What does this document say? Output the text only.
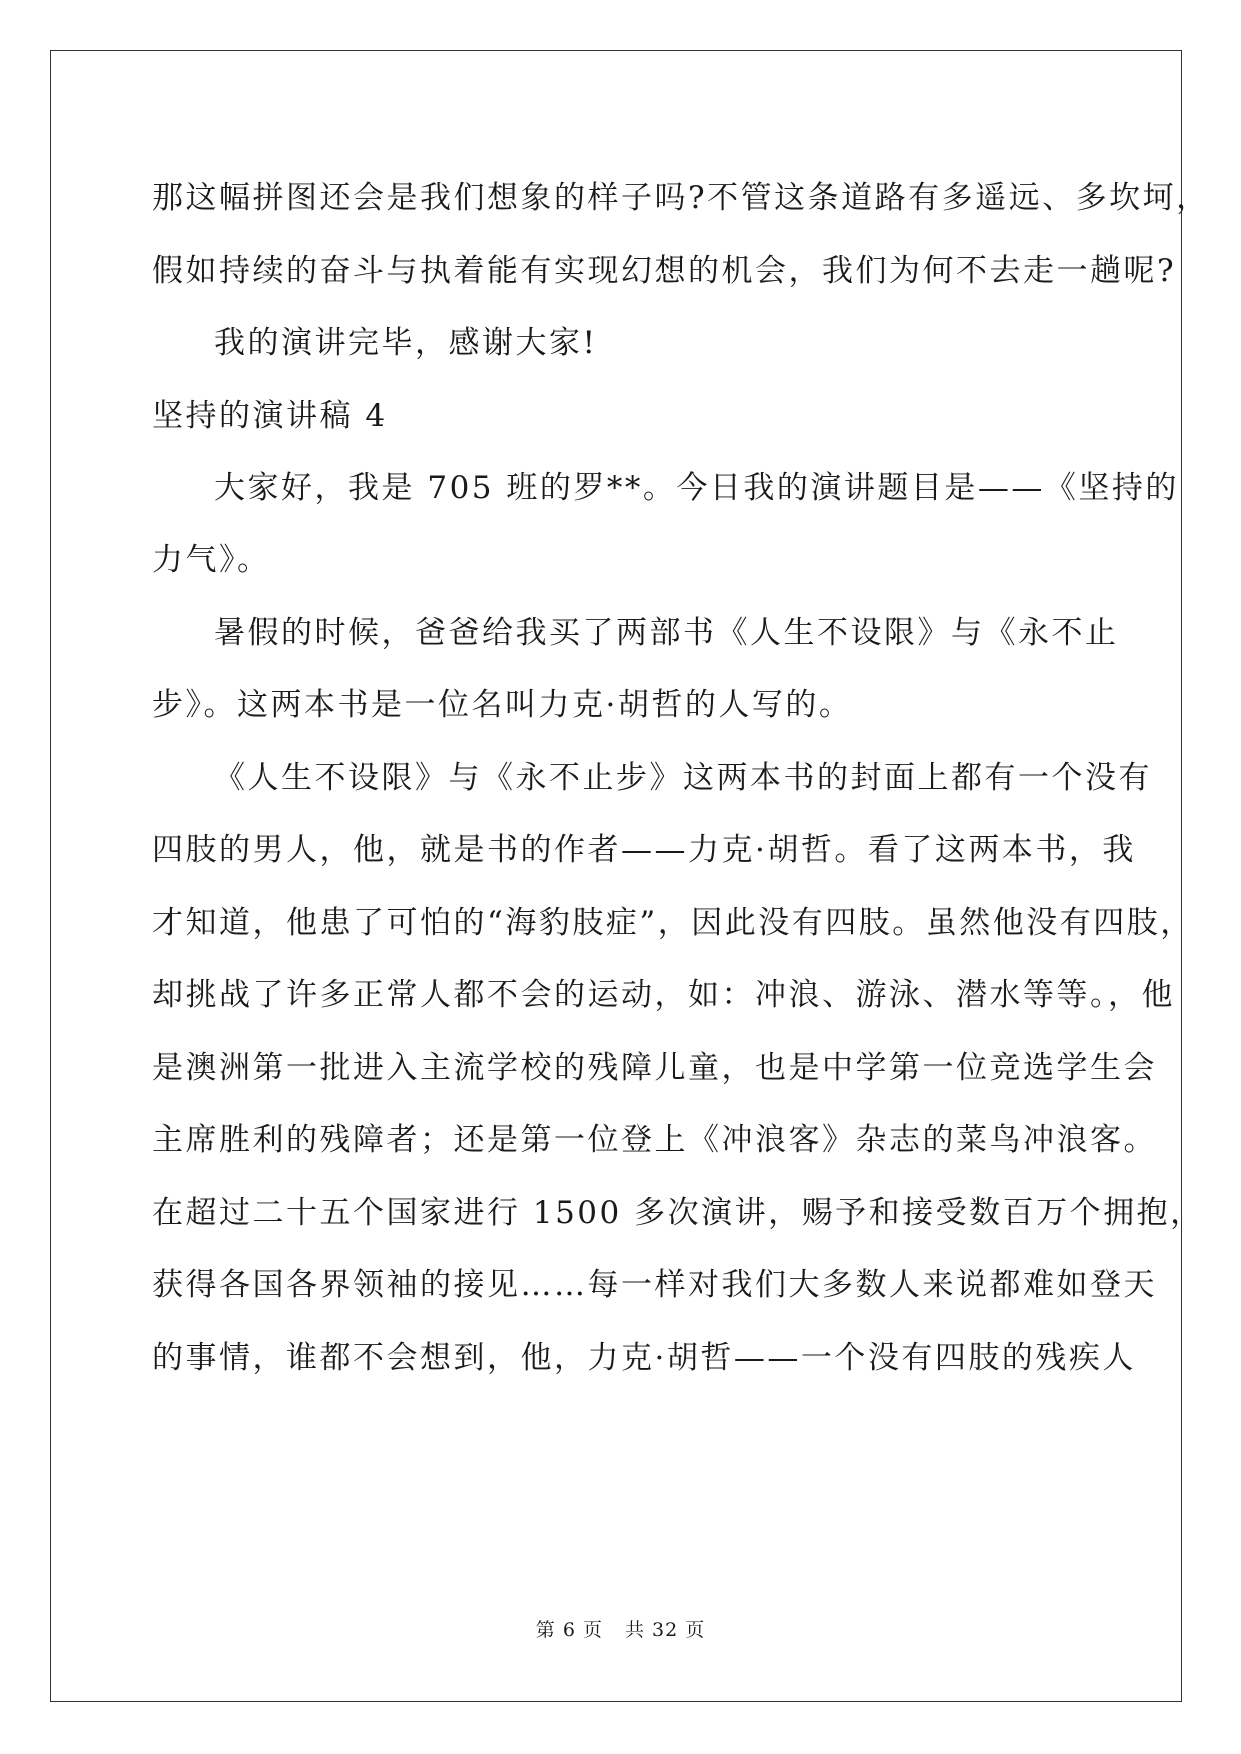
那这幅拼图还会是我们想象的样子吗?不管这条道路有多遥远、多坎坷，
假如持续的奋斗与执着能有实现幻想的机会，我们为何不去走一趟呢?
我的演讲完毕，感谢大家!
坚持的演讲稿 4
大家好，我是 705 班的罗**。今日我的演讲题目是——《坚持的
力气》。
暑假的时候，爸爸给我买了两部书《人生不设限》与《永不止
步》。这两本书是一位名叫力克·胡哲的人写的。
《人生不设限》与《永不止步》这两本书的封面上都有一个没有
四肢的男人，他，就是书的作者——力克·胡哲。看了这两本书，我
才知道，他患了可怕的“海豹肢症”，因此没有四肢。虽然他没有四肢，
却挑战了许多正常人都不会的运动，如：冲浪、游泳、潜水等等。，他
是澳洲第一批进入主流学校的残障儿童，也是中学第一位竞选学生会
主席胜利的残障者；还是第一位登上《冲浪客》杂志的菜鸟冲浪客。
在超过二十五个国家进行 1500 多次演讲，赐予和接受数百万个拥抱，
获得各国各界领袖的接见……每一样对我们大多数人来说都难如登天
的事情，谁都不会想到，他，力克·胡哲——一个没有四肢的残疾人
第 6 页 共 32 页
